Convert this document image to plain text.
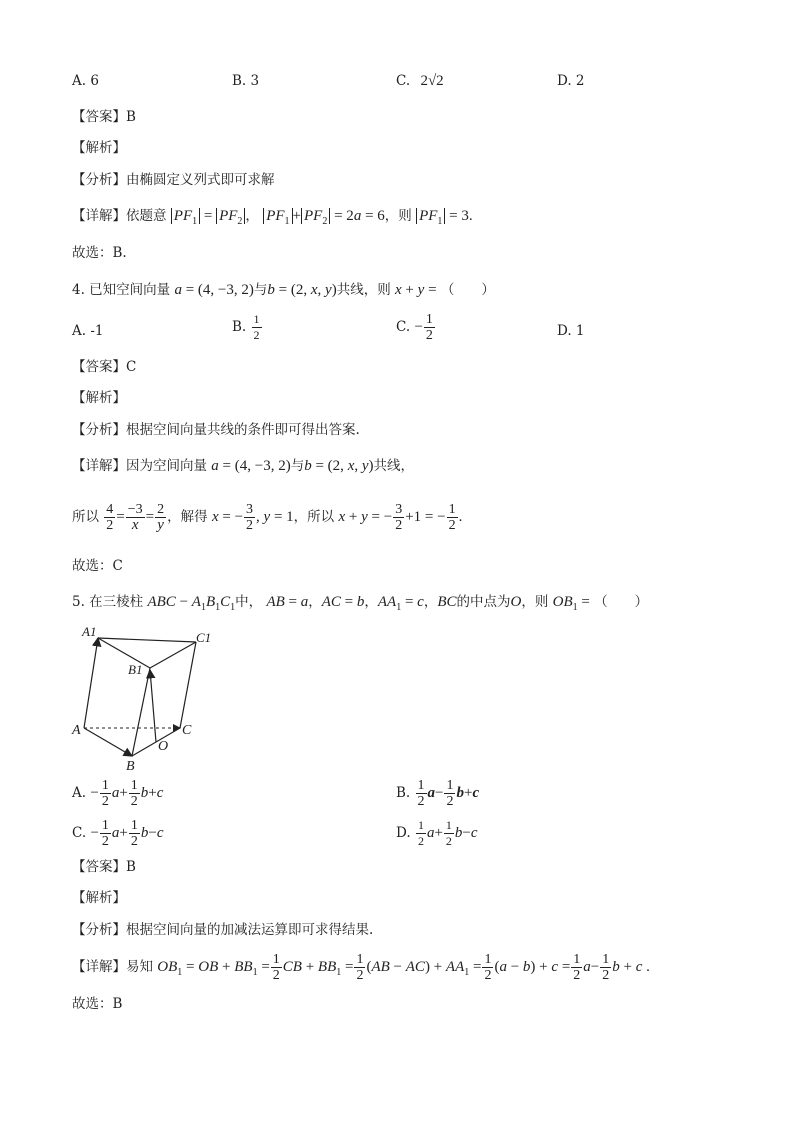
A. 6	B. 3	C. 2√2	D. 2
【答案】B
【解析】
【分析】由椭圆定义列式即可求解
【详解】依题意 $PF_1 = PF_2$ ， $PF_1 + PF_2 = 2a = 6$，则 $PF_1 = 3$.
故选：B.
4. 已知空间向量 a = (4, −3, 2)与b = (2, x, y)共线，则 x + y = （　　）
A. -1	B. $\frac{1}{2}$	C. − $\frac{1}{2}$	D. 1
【答案】C
【解析】
【分析】根据空间向量共线的条件即可得出答案.
【详解】因为空间向量 a = (4, −3, 2)与b = (2, x, y)共线，
所以 $\frac{4}{2} = \frac{-3}{x} = \frac{2}{y}$ ，解得 x = − $\frac{3}{2}$ , y = 1，所以 x + y = − $\frac{3}{2} +1$ = − $\frac{1}{2}$ .
故选：C
5. 在三棱柱 ABC − $A_1B_1C_1$中， AB = a，AC = b，$AA_1 = c$，BC的中点为O，则 $OB_1$ = （　　）
A
B
C
A1
B1
C1
O
A. − $\frac{1}{2} a+ \frac{1}{2} b+c$	B. $\frac{1}{2} a- \frac{1}{2} b+c$
C. − $\frac{1}{2} a+ \frac{1}{2} b-c$	D. $\frac{1}{2} a+ \frac{1}{2} b-c$
【答案】B
【解析】
【分析】根据空间向量的加减法运算即可求得结果.
【详解】易知 $OB_1$ = OB + $BB_1 = \frac{1}{2}$ CB + $BB_1 = \frac{1}{2} (AB - AC) + AA_1 = \frac{1}{2} (a - b) + c = \frac{1}{2} a- \frac{1}{2}$ b + c .
故选：B
